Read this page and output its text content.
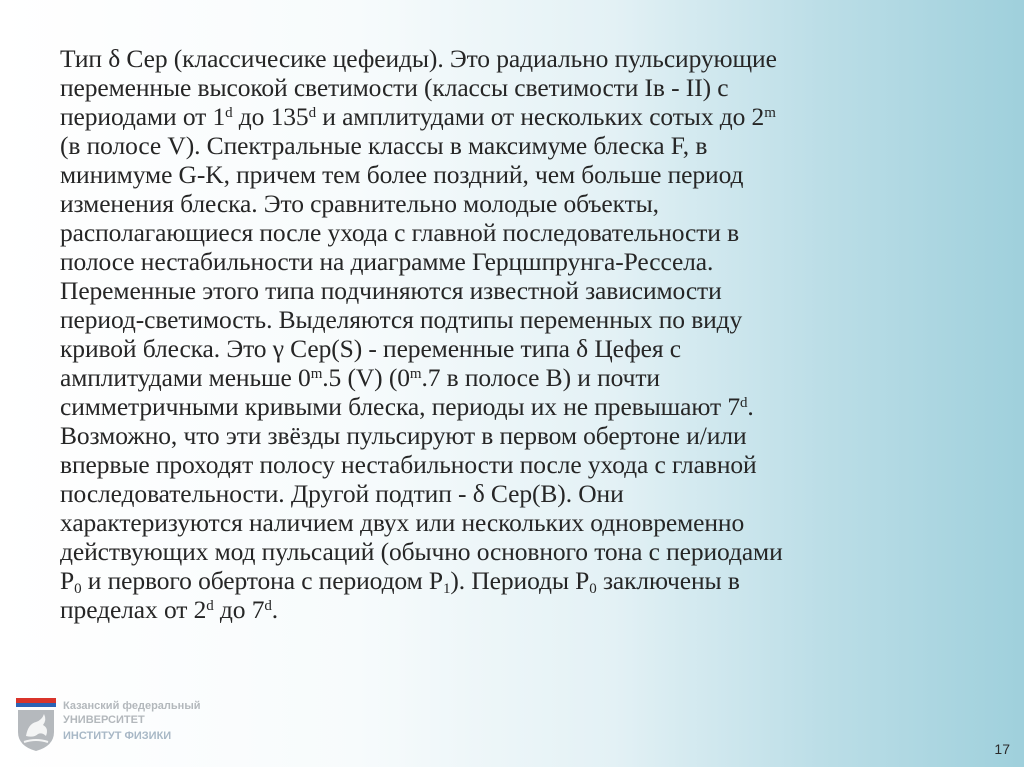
Тип δ Сер (классичесике цефеиды). Это радиально пульсирующие
переменные высокой светимости (классы светимости Iв - II) с
периодами от 1$^d$ до 135$^d$ и амплитудами от нескольких сотых до 2$^m$
(в полосе V). Спектральные классы в максимуме блеска F, в
минимуме G-K, причем тем более поздний, чем больше период
изменения блеска. Это сравнительно молодые объекты,
располагающиеся после ухода с главной последовательности в
полосе нестабильности на диаграмме Герцшпрунга-Рессела.
Переменные этого типа подчиняются известной зависимости
период-светимость. Выделяются подтипы переменных по виду
кривой блеска. Это γ Сер(S) - переменные типа δ Цефея с
амплитудами меньше 0$^m$.5 (V) (0$^m$.7 в полосе В) и почти
симметричными кривыми блеска, периоды их не превышают 7$^d$.
Возможно, что эти звёзды пульсируют в первом обертоне и/или
впервые проходят полосу нестабильности после ухода с главной
последовательности. Другой подтип - δ Сер(В). Они
характеризуются наличием двух или нескольких одновременно
действующих мод пульсаций (обычно основного тона с периодами
$Р_0$ и первого обертона с периодом $Р_1$). Периоды $Р_0$ заключены в
пределах от 2$^d$ до 7$^d$.
Казанский федеральный
УНИВЕРСИТЕТ
ИНСТИТУТ ФИЗИКИ
17
